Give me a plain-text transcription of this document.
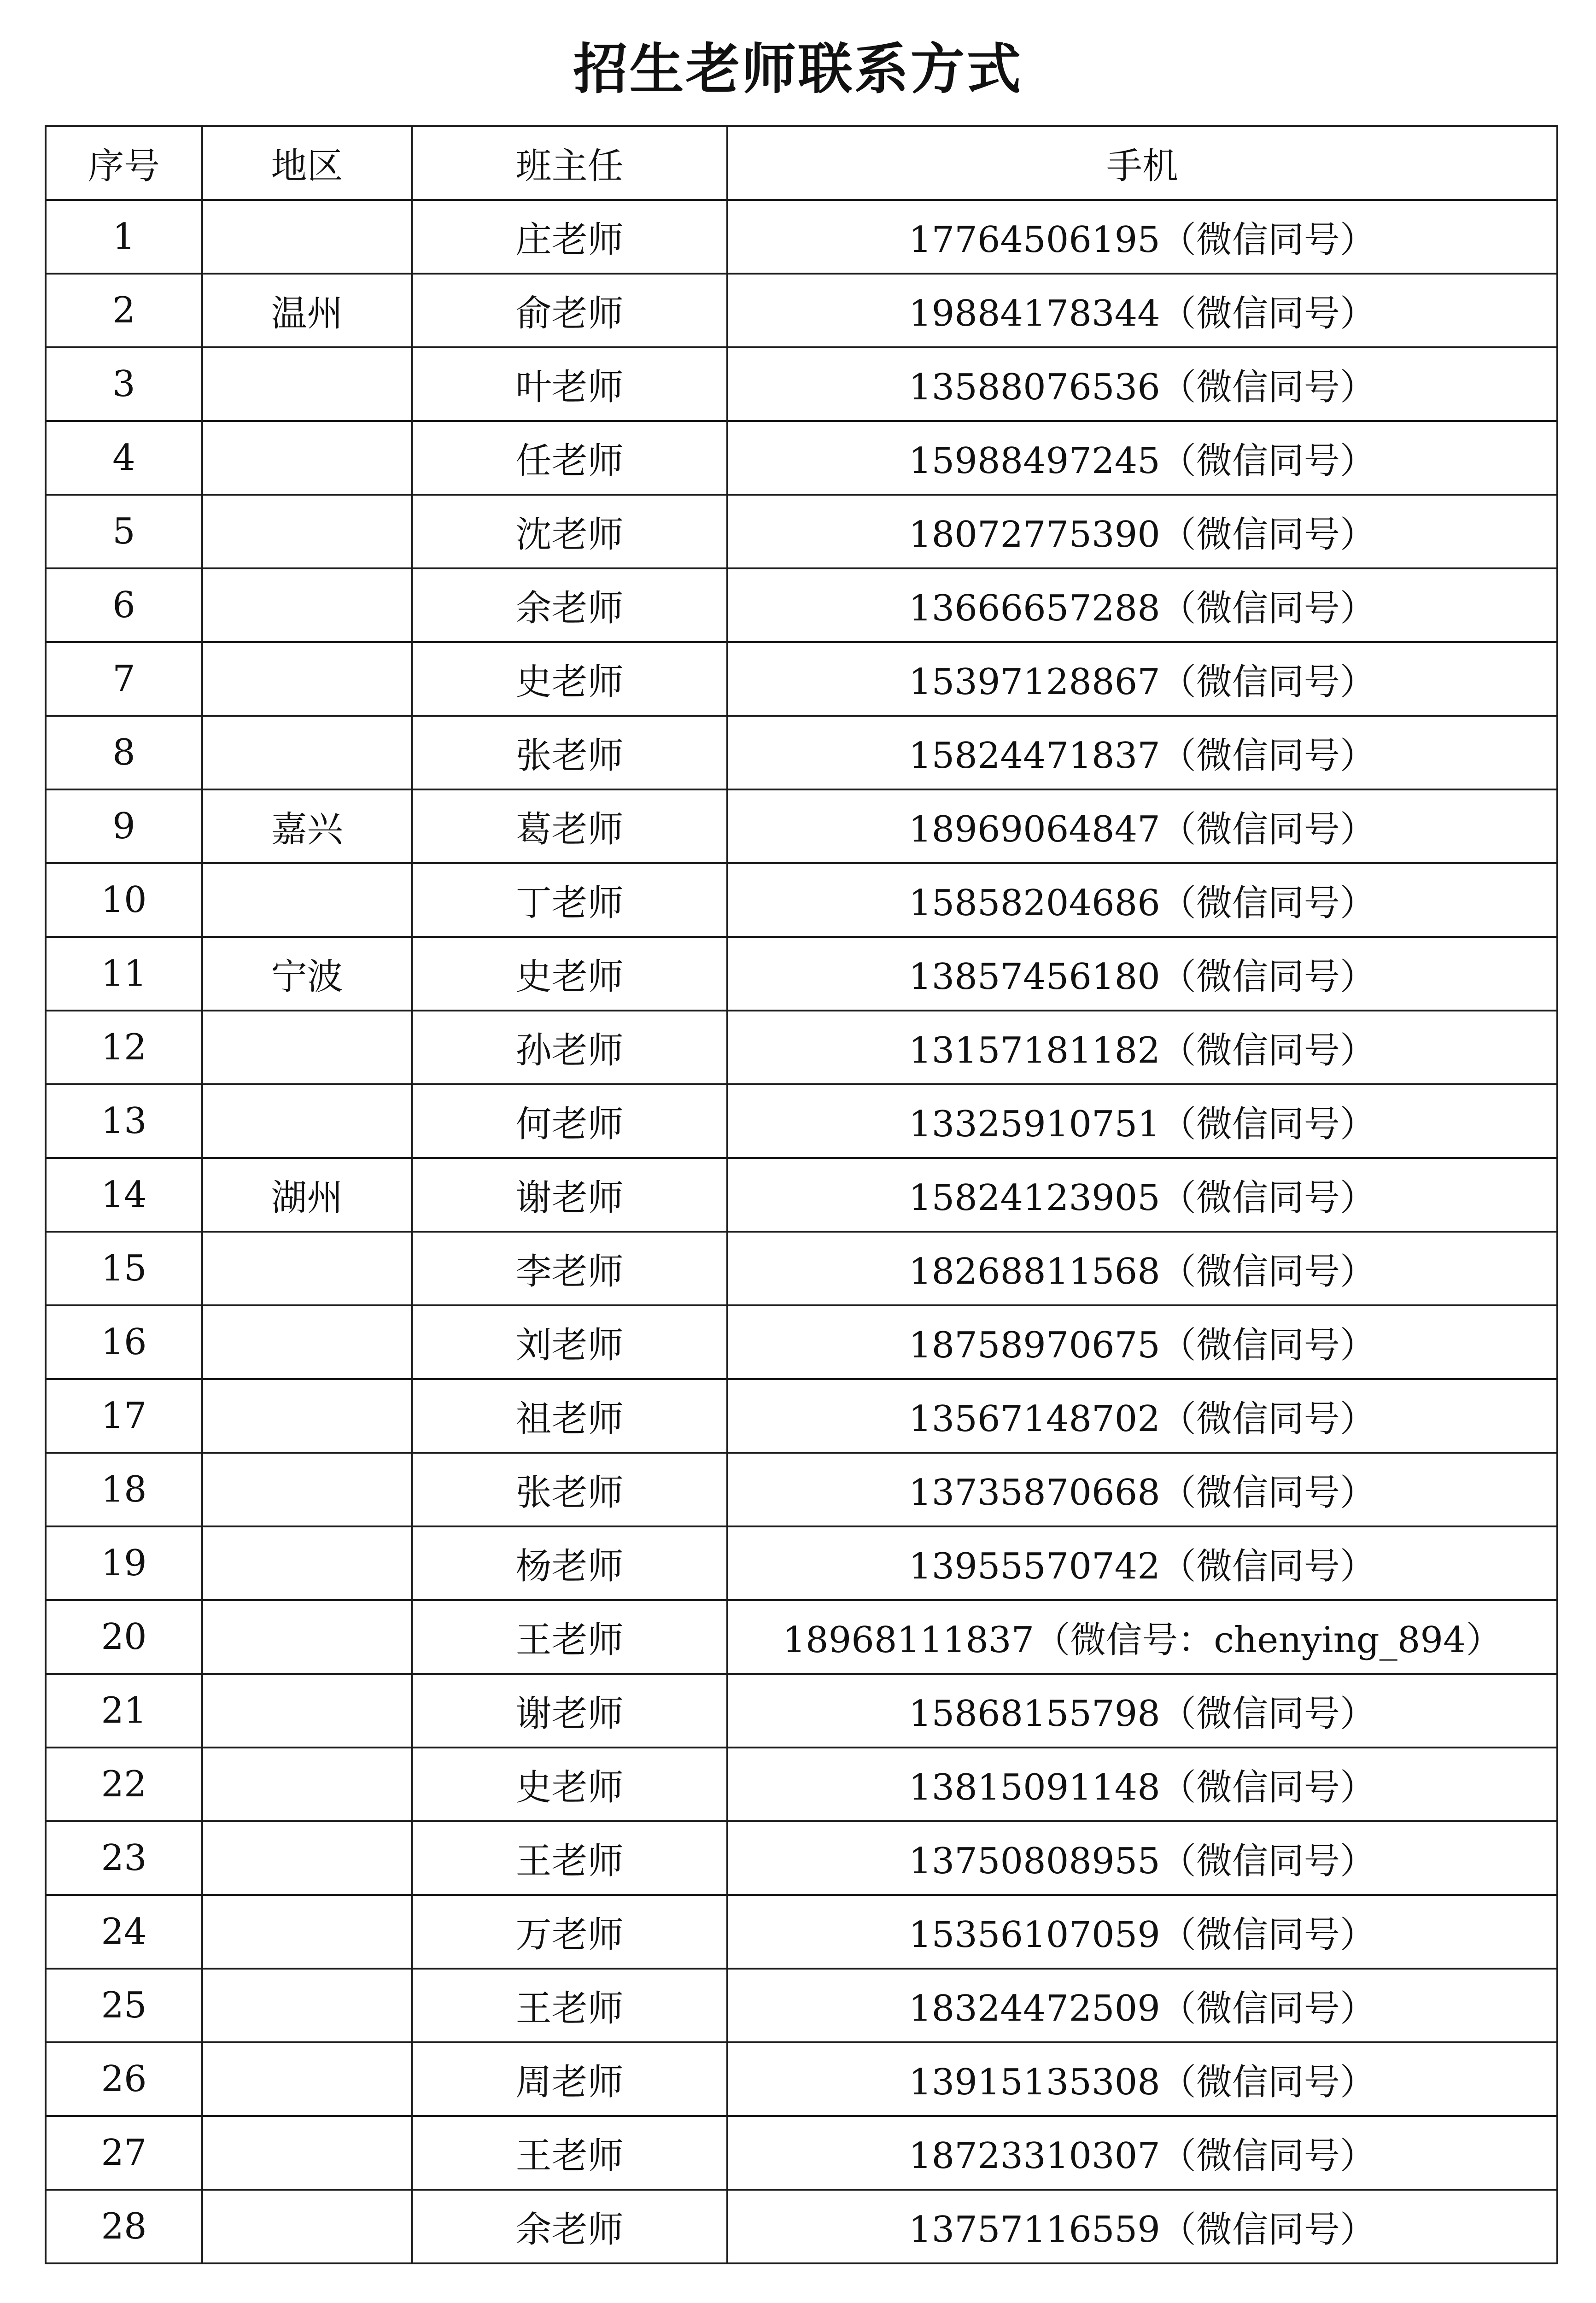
招生老师联系方式
序号	地区	班主任	手机
1		庄老师	17764506195（微信同号）
2	温州	俞老师	19884178344（微信同号）
3		叶老师	13588076536（微信同号）
4		任老师	15988497245（微信同号）
5		沈老师	18072775390（微信同号）
6		余老师	13666657288（微信同号）
7		史老师	15397128867（微信同号）
8		张老师	15824471837（微信同号）
9	嘉兴	葛老师	18969064847（微信同号）
10		丁老师	15858204686（微信同号）
11	宁波	史老师	13857456180（微信同号）
12		孙老师	13157181182（微信同号）
13		何老师	13325910751（微信同号）
14	湖州	谢老师	15824123905（微信同号）
15		李老师	18268811568（微信同号）
16		刘老师	18758970675（微信同号）
17		祖老师	13567148702（微信同号）
18		张老师	13735870668（微信同号）
19		杨老师	13955570742（微信同号）
20		王老师	18968111837（微信号：chenying_894）
21		谢老师	15868155798（微信同号）
22		史老师	13815091148（微信同号）
23		王老师	13750808955（微信同号）
24		万老师	15356107059（微信同号）
25		王老师	18324472509（微信同号）
26		周老师	13915135308（微信同号）
27		王老师	18723310307（微信同号）
28		余老师	13757116559（微信同号）
